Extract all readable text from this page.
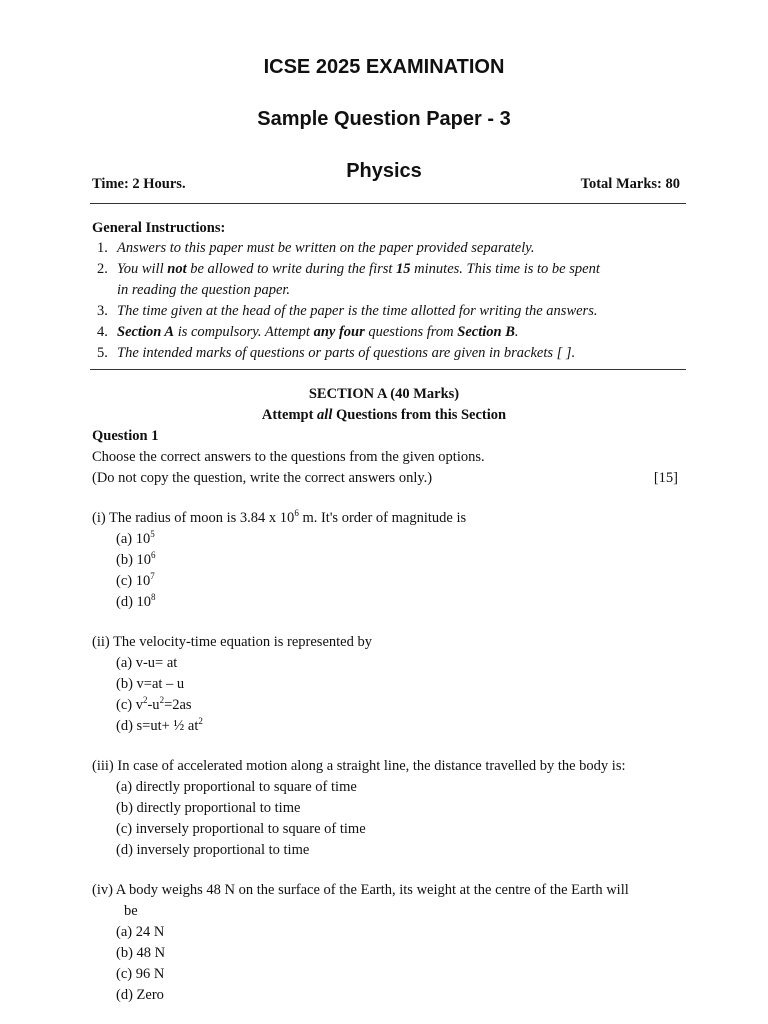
ICSE 2025 EXAMINATION
Sample Question Paper - 3
Physics
Time: 2 Hours.	Total Marks: 80
General Instructions:
1. Answers to this paper must be written on the paper provided separately.
2. You will not be allowed to write during the first 15 minutes. This time is to be spent
in reading the question paper.
3. The time given at the head of the paper is the time allotted for writing the answers.
4. Section A is compulsory. Attempt any four questions from Section B.
5. The intended marks of questions or parts of questions are given in brackets [ ].
SECTION A (40 Marks)
Attempt all Questions from this Section
Question 1
Choose the correct answers to the questions from the given options.
(Do not copy the question, write the correct answers only.)	[15]
(i) The radius of moon is 3.84 x $10^6$ m. It's order of magnitude is
(a) $10^5$
(b) $10^6$
(c) $10^7$
(d) $10^8$
(ii) The velocity-time equation is represented by
(a) v-u= at
(b) v=at – u
(c) $v^2-u^2=2as$
(d) s=ut+ ½ $at^2$
(iii) In case of accelerated motion along a straight line, the distance travelled by the body is:
(a) directly proportional to square of time
(b) directly proportional to time
(c) inversely proportional to square of time
(d) inversely proportional to time
(iv) A body weighs 48 N on the surface of the Earth, its weight at the centre of the Earth will
be
(a) 24 N
(b) 48 N
(c) 96 N
(d) Zero
